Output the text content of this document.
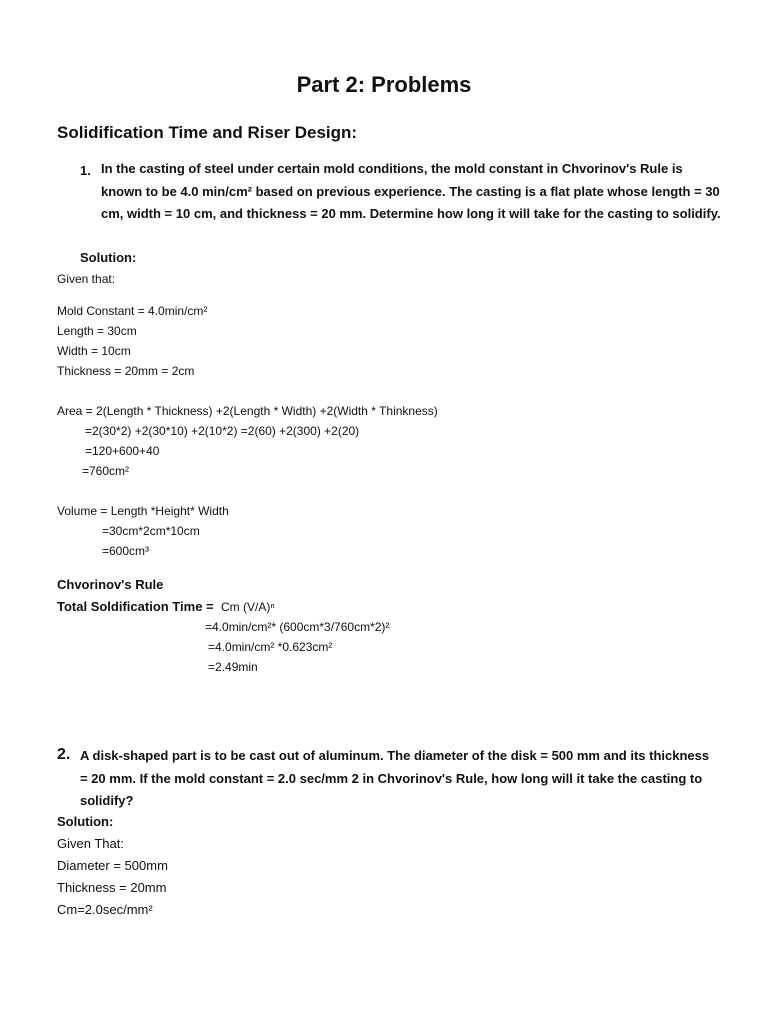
Part 2: Problems
Solidification Time and Riser Design:
1. In the casting of steel under certain mold conditions, the mold constant in Chvorinov's Rule is known to be 4.0 min/cm² based on previous experience. The casting is a flat plate whose length = 30 cm, width = 10 cm, and thickness = 20 mm. Determine how long it will take for the casting to solidify.
Solution:
Given that:
Mold Constant = 4.0min/cm²
Length = 30cm
Width = 10cm
Thickness = 20mm = 2cm
Area = 2(Length * Thickness) +2(Length * Width) +2(Width * Thinkness)
=2(30*2) +2(30*10) +2(10*2) =2(60) +2(300) +2(20)
=120+600+40
=760cm²
Volume = Length *Height* Width
=30cm*2cm*10cm
=600cm³
Chvorinov's Rule
Total Soldification Time = Cm (V/A)ⁿ
=4.0min/cm²* (600cm*3/760cm*2)²
=4.0min/cm² *0.623cm²
=2.49min
2. A disk-shaped part is to be cast out of aluminum. The diameter of the disk = 500 mm and its thickness = 20 mm. If the mold constant = 2.0 sec/mm 2 in Chvorinov's Rule, how long will it take the casting to solidify?
Solution:
Given That:
Diameter = 500mm
Thickness = 20mm
Cm=2.0sec/mm²
